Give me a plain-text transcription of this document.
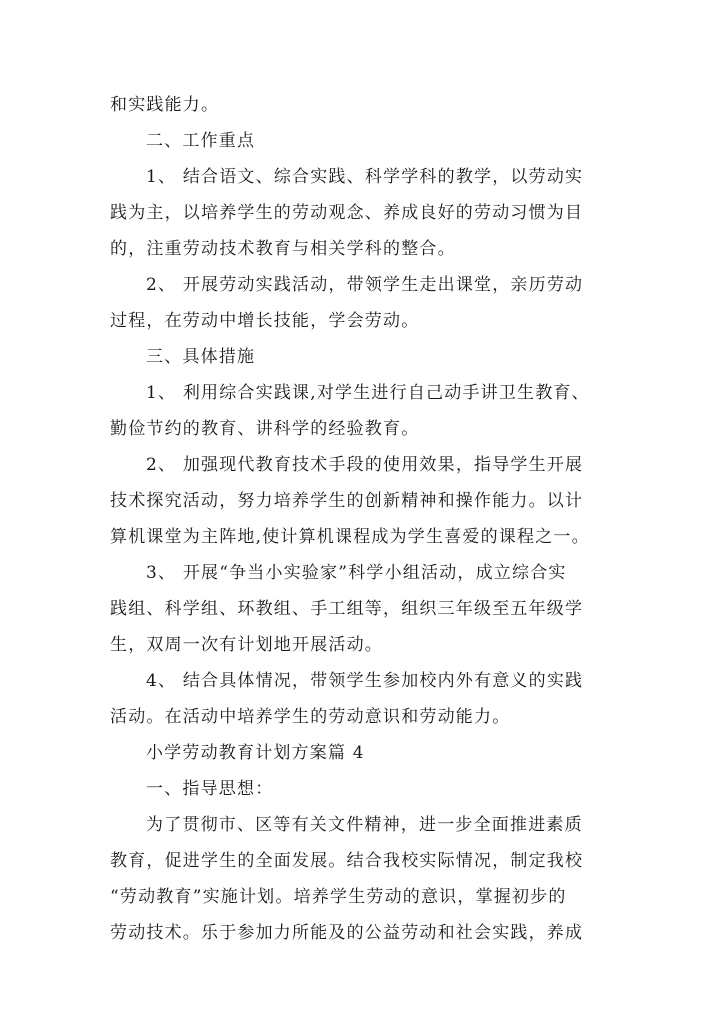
和实践能力。
二、工作重点
1、 结合语文、综合实践、科学学科的教学，以劳动实
践为主，以培养学生的劳动观念、养成良好的劳动习惯为目
的，注重劳动技术教育与相关学科的整合。
2、 开展劳动实践活动，带领学生走出课堂，亲历劳动
过程，在劳动中增长技能，学会劳动。
三、具体措施
1、 利用综合实践课,对学生进行自己动手讲卫生教育、
勤俭节约的教育、讲科学的经验教育。
2、 加强现代教育技术手段的使用效果，指导学生开展
技术探究活动，努力培养学生的创新精神和操作能力。以计
算机课堂为主阵地,使计算机课程成为学生喜爱的课程之一。
3、 开展“争当小实验家”科学小组活动，成立综合实
践组、科学组、环教组、手工组等，组织三年级至五年级学
生，双周一次有计划地开展活动。
4、 结合具体情况，带领学生参加校内外有意义的实践
活动。在活动中培养学生的劳动意识和劳动能力。
小学劳动教育计划方案篇 4
一、指导思想：
为了贯彻市、区等有关文件精神，进一步全面推进素质
教育，促进学生的全面发展。结合我校实际情况，制定我校
“劳动教育”实施计划。培养学生劳动的意识，掌握初步的
劳动技术。乐于参加力所能及的公益劳动和社会实践，养成
